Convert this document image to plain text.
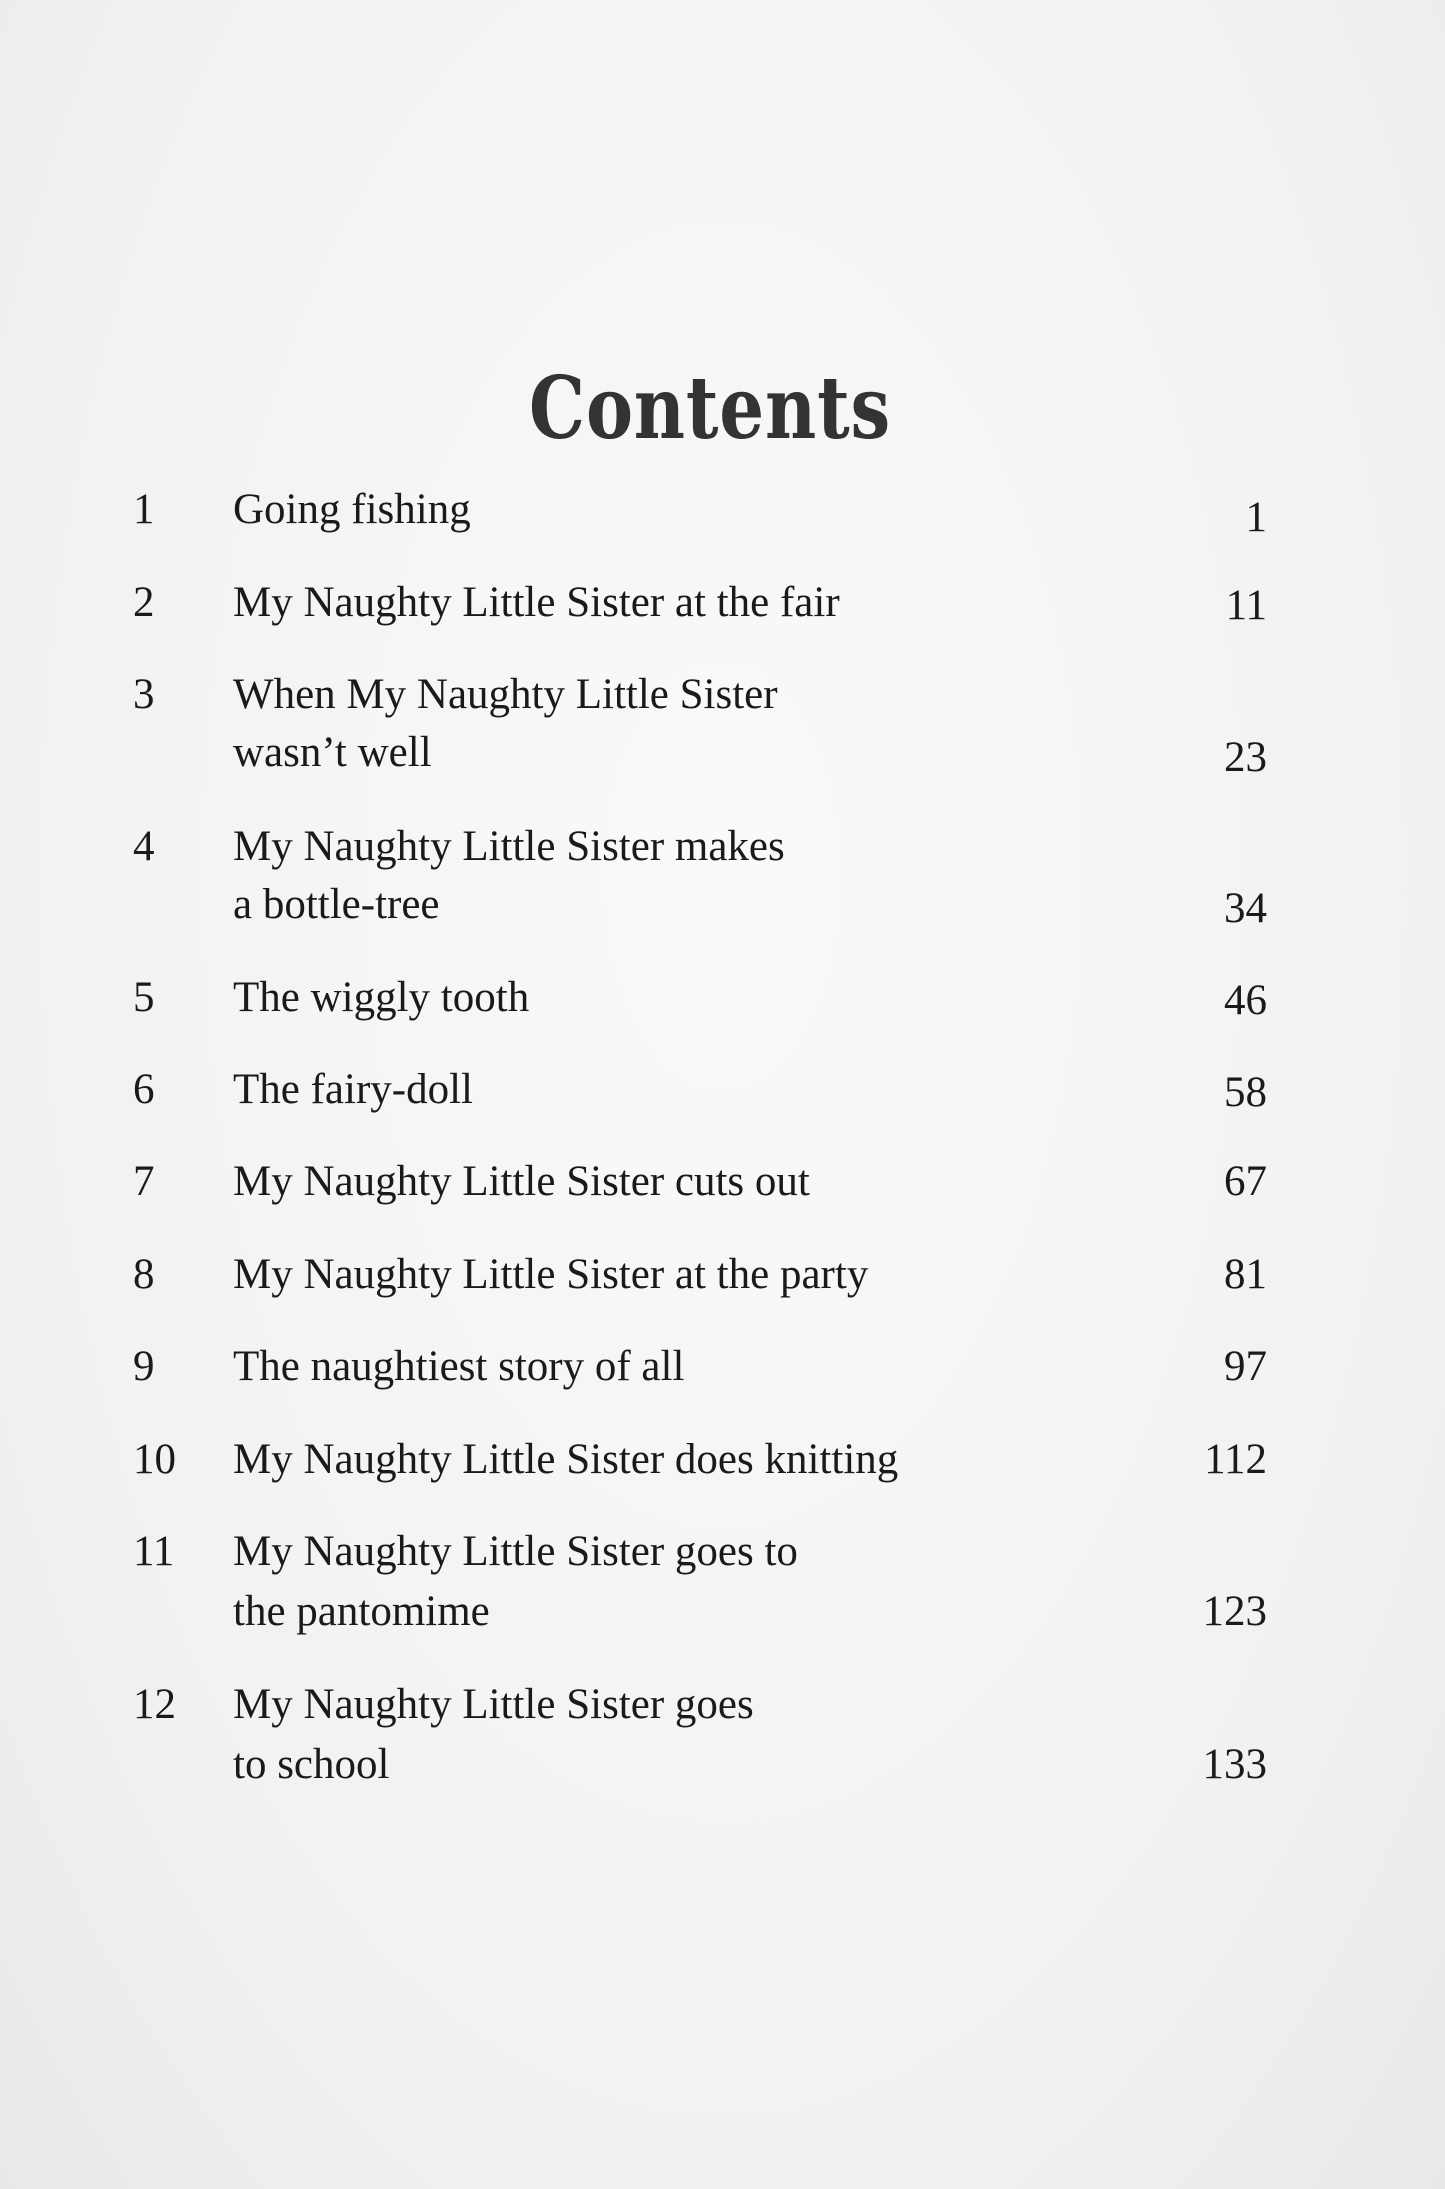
Contents
1 Going fishing	1
2 My Naughty Little Sister at the fair	11
3 When My Naughty Little Sister
wasn’t well	23
4 My Naughty Little Sister makes
a bottle-tree	34
5 The wiggly tooth	46
6 The fairy-doll	58
7 My Naughty Little Sister cuts out	67
8 My Naughty Little Sister at the party	81
9 The naughtiest story of all	97
10 My Naughty Little Sister does knitting	112
11 My Naughty Little Sister goes to
the pantomime	123
12 My Naughty Little Sister goes
to school	133
